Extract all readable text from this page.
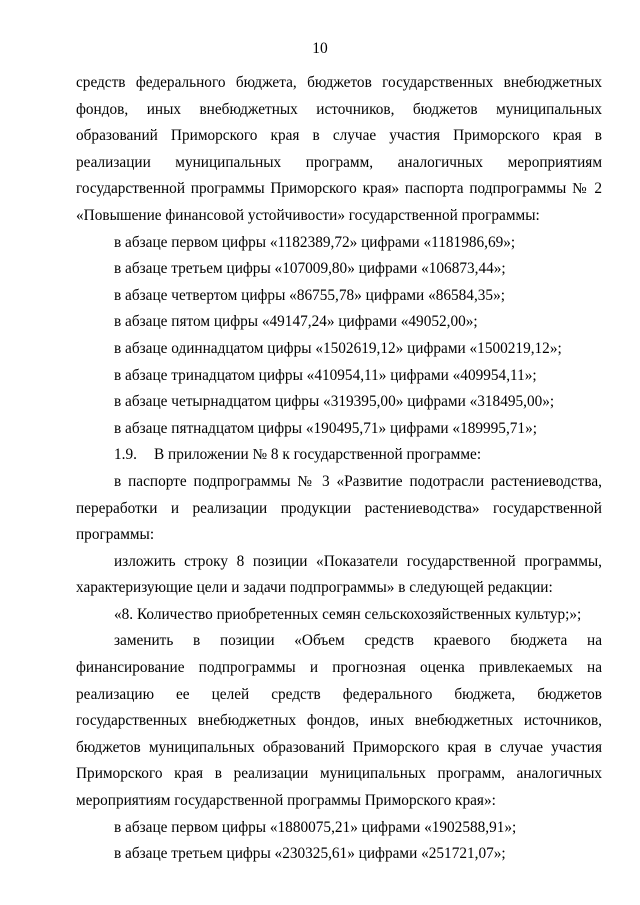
10

средств федерального бюджета, бюджетов государственных внебюджетных фондов, иных внебюджетных источников, бюджетов муниципальных образований Приморского края в случае участия Приморского края в реализации муниципальных программ, аналогичных мероприятиям государственной программы Приморского края» паспорта подпрограммы № 2 «Повышение финансовой устойчивости» государственной программы:

в абзаце первом цифры «1182389,72» цифрами «1181986,69»;

в абзаце третьем цифры «107009,80» цифрами «106873,44»;

в абзаце четвертом цифры «86755,78» цифрами «86584,35»;

в абзаце пятом цифры «49147,24» цифрами «49052,00»;

в абзаце одиннадцатом цифры «1502619,12» цифрами «1500219,12»;

в абзаце тринадцатом цифры «410954,11» цифрами «409954,11»;

в абзаце четырнадцатом цифры «319395,00» цифрами «318495,00»;

в абзаце пятнадцатом цифры «190495,71» цифрами «189995,71»;

1.9. В приложении № 8 к государственной программе:

в паспорте подпрограммы № 3 «Развитие подотрасли растениеводства, переработки и реализации продукции растениеводства» государственной программы:

изложить строку 8 позиции «Показатели государственной программы, характеризующие цели и задачи подпрограммы» в следующей редакции:

«8. Количество приобретенных семян сельскохозяйственных культур;»;

заменить в позиции «Объем средств краевого бюджета на финансирование подпрограммы и прогнозная оценка привлекаемых на реализацию ее целей средств федерального бюджета, бюджетов государственных внебюджетных фондов, иных внебюджетных источников, бюджетов муниципальных образований Приморского края в случае участия Приморского края в реализации муниципальных программ, аналогичных мероприятиям государственной программы Приморского края»:

в абзаце первом цифры «1880075,21» цифрами «1902588,91»;

в абзаце третьем цифры «230325,61» цифрами «251721,07»;
